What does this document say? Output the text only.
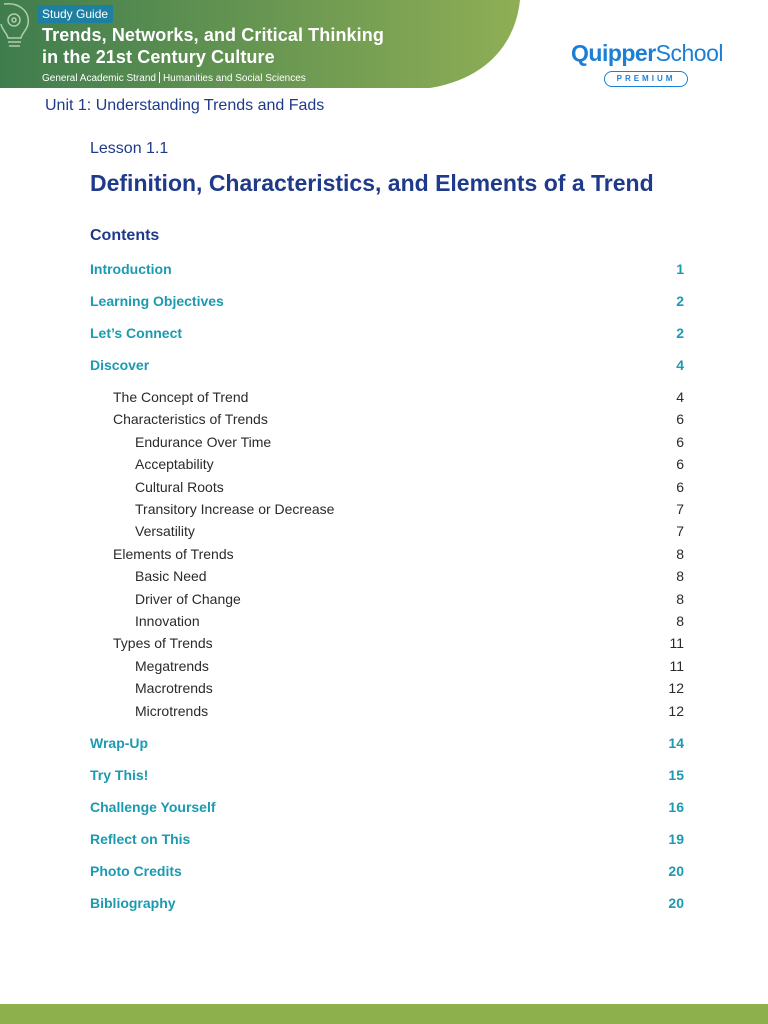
Study Guide
Trends, Networks, and Critical Thinking
in the 21st Century Culture
General Academic Strand Humanities and Social Sciences
QuipperSchool
PREMIUM
Unit 1: Understanding Trends and Fads
Lesson 1.1
Definition, Characteristics, and Elements of a Trend
Contents
Introduction	1
Learning Objectives	2
Let’s Connect	2
Discover	4
The Concept of Trend	4
Characteristics of Trends	6
Endurance Over Time	6
Acceptability	6
Cultural Roots	6
Transitory Increase or Decrease	7
Versatility	7
Elements of Trends	8
Basic Need	8
Driver of Change	8
Innovation	8
Types of Trends	11
Megatrends	11
Macrotrends	12
Microtrends	12
Wrap-Up	14
Try This!	15
Challenge Yourself	16
Reflect on This	19
Photo Credits	20
Bibliography	20
